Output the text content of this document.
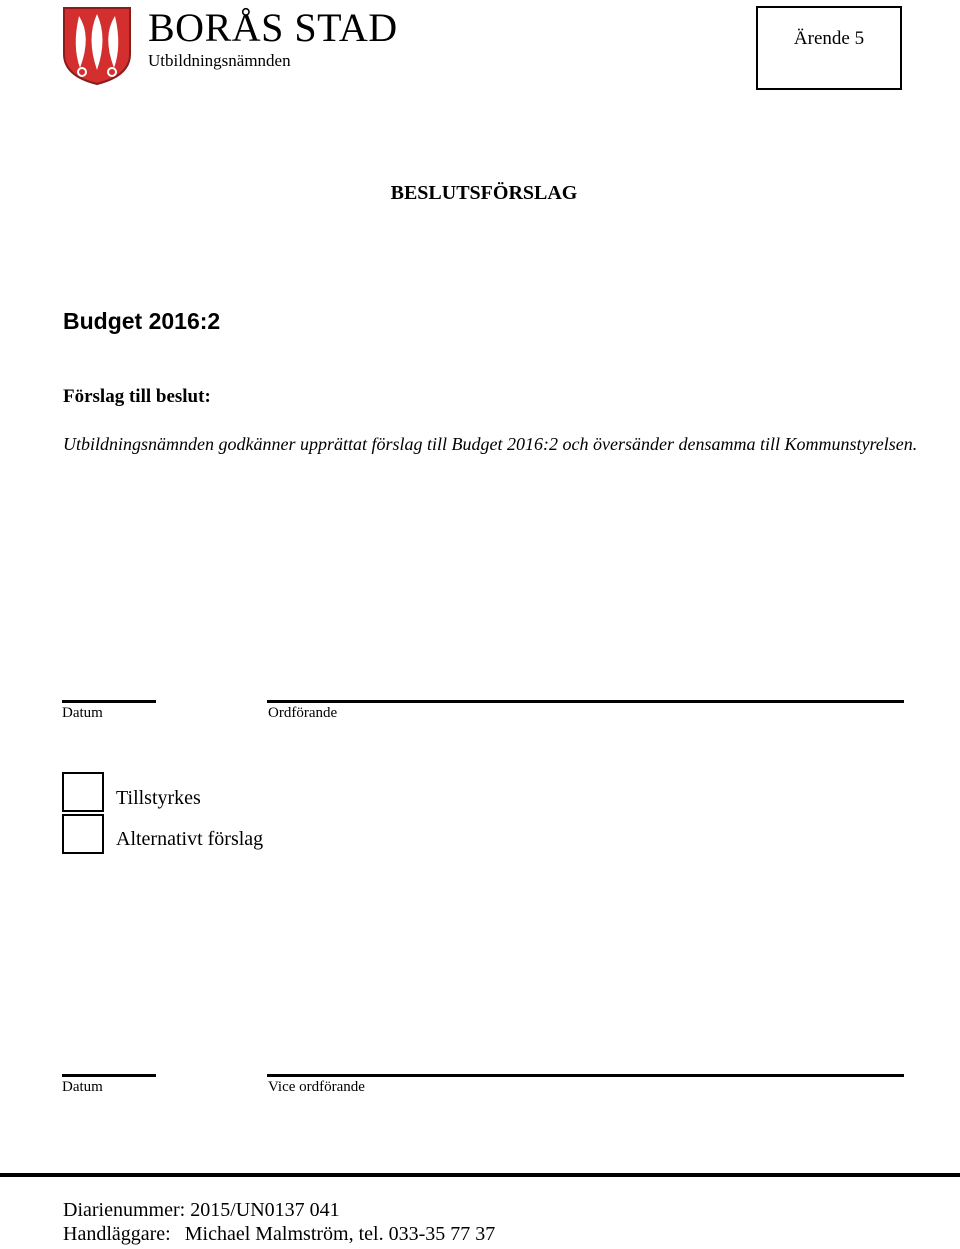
BORÅS STAD
Utbildningsnämnden
Ärende 5
BESLUTSFÖRSLAG
Budget 2016:2
Förslag till beslut:
Utbildningsnämnden godkänner upprättat förslag till Budget 2016:2 och översänder densamma till Kommunstyrelsen.
Datum	Ordförande
Tillstyrkes
Alternativt förslag
Datum	Vice ordförande
Diarienummer: 2015/UN0137 041
Handläggare: Michael Malmström, tel. 033-35 77 37
